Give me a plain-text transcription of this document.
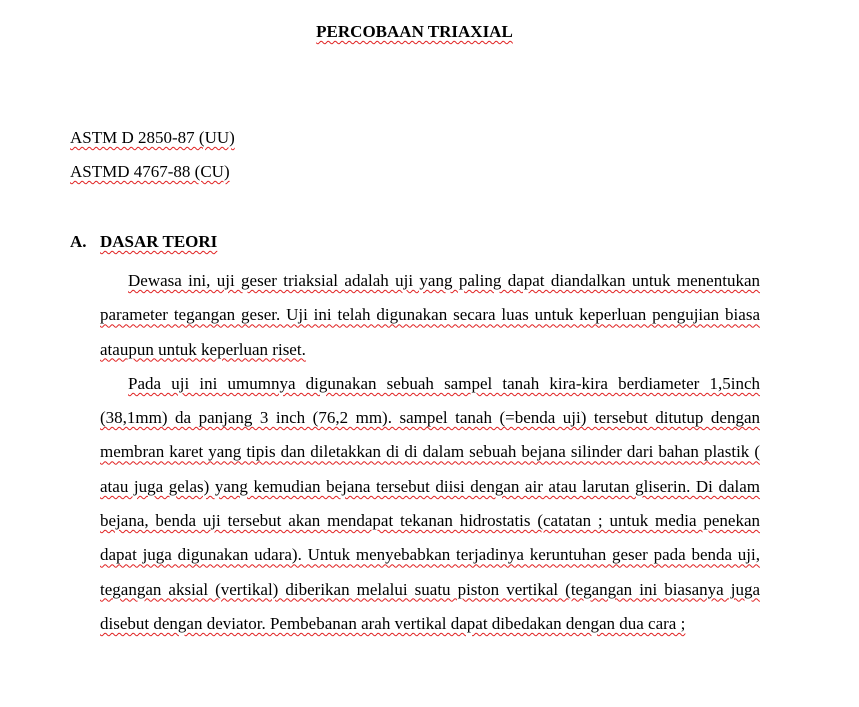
PERCOBAAN TRIAXIAL
ASTM D 2850-87 (UU)
ASTMD 4767-88 (CU)
A. DASAR TEORI

Dewasa ini, uji geser triaksial adalah uji yang paling dapat diandalkan untuk menentukan parameter tegangan geser. Uji ini telah digunakan secara luas untuk keperluan pengujian biasa ataupun untuk keperluan riset.

Pada uji ini umumnya digunakan sebuah sampel tanah kira-kira berdiameter 1,5inch (38,1mm) da panjang 3 inch (76,2 mm). sampel tanah (=benda uji) tersebut ditutup dengan membran karet yang tipis dan diletakkan di di dalam sebuah bejana silinder dari bahan plastik ( atau juga gelas) yang kemudian bejana tersebut diisi dengan air atau larutan gliserin. Di dalam bejana, benda uji tersebut akan mendapat tekanan hidrostatis (catatan ; untuk media penekan dapat juga digunakan udara). Untuk menyebabkan terjadinya keruntuhan geser pada benda uji, tegangan aksial (vertikal) diberikan melalui suatu piston vertikal (tegangan ini biasanya juga disebut dengan deviator. Pembebanan arah vertikal dapat dibedakan dengan dua cara ;
